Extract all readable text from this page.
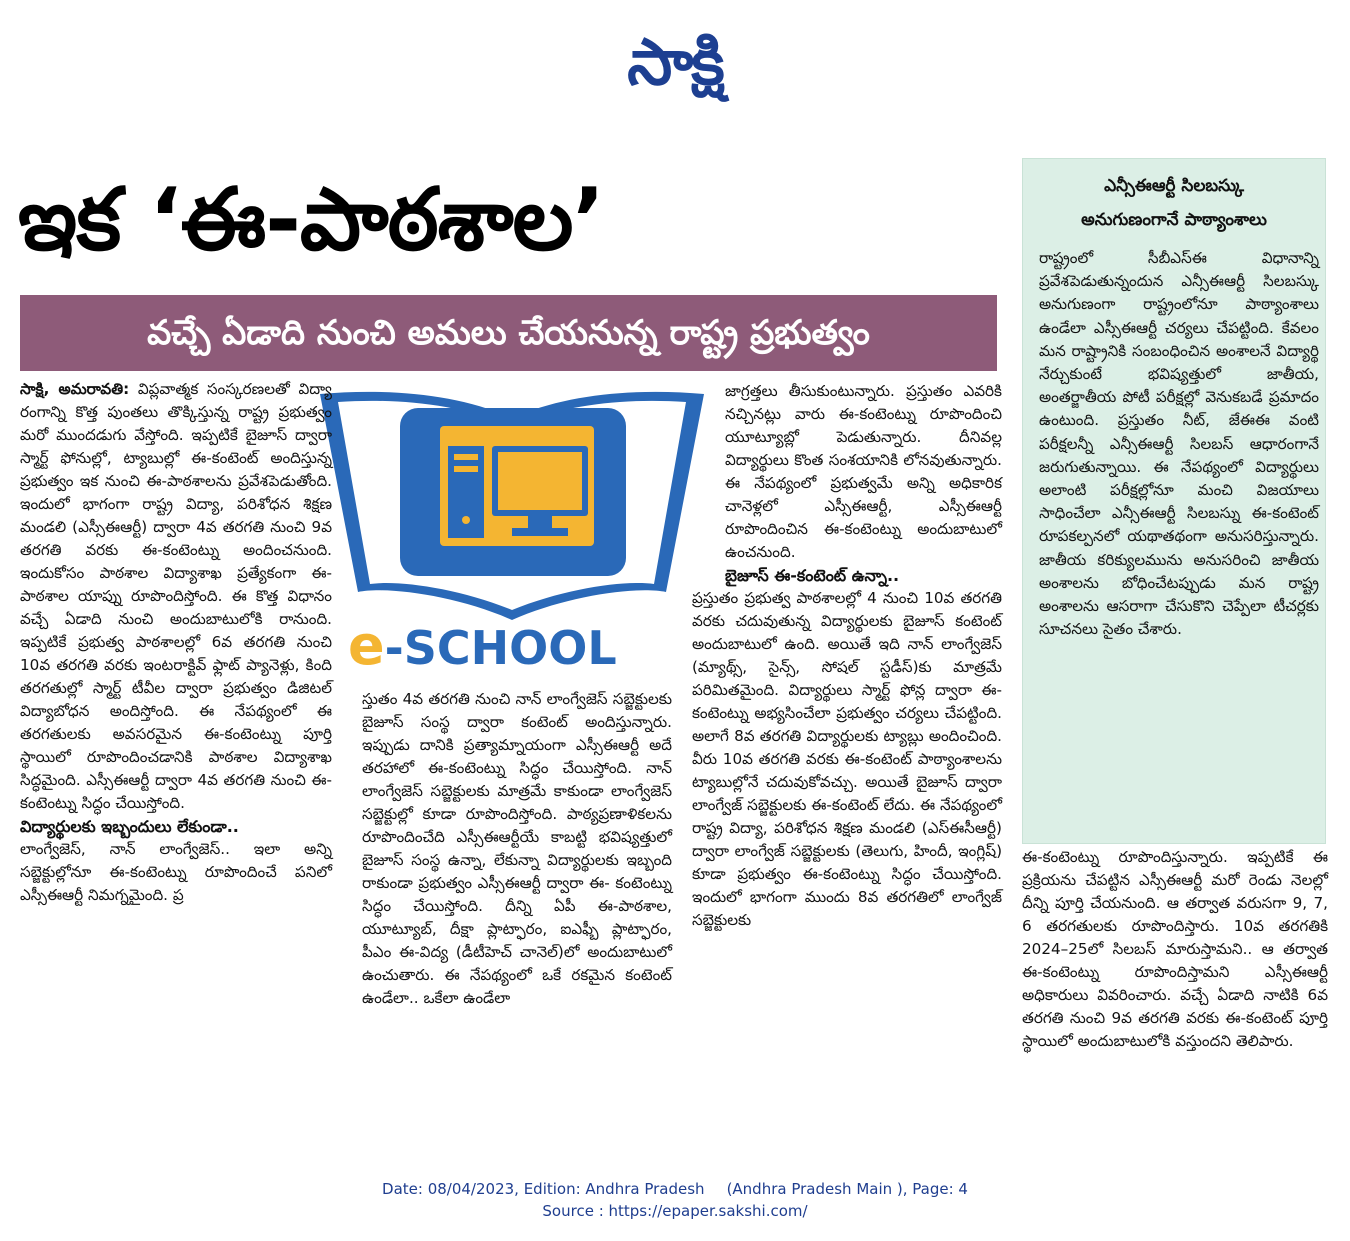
సాక్షి
ఇక ‘ఈ-పాఠశాల’
వచ్చే ఏడాది నుంచి అమలు చేయనున్న రాష్ట్ర ప్రభుత్వం
e-SCHOOL

సాక్షి, అమరావతి: విప్లవాత్మక సంస్కరణలతో విద్యా రంగాన్ని కొత్త పుంతలు తొక్కిస్తున్న రాష్ట్ర ప్రభుత్వం మరో ముందడుగు వేస్తోంది. ఇప్పటికే బైజూస్ ద్వారా స్మార్ట్ ఫోనుల్లో, ట్యాబుల్లో ఈ-కంటెంట్ అందిస్తున్న ప్రభుత్వం ఇక నుంచి ఈ-పాఠశాలను ప్రవేశపెడుతోంది. ఇందులో భాగంగా రాష్ట్ర విద్యా, పరిశోధన శిక్షణ మండలి (ఎస్సీఈఆర్టీ) ద్వారా 4వ తరగతి నుంచి 9వ తరగతి వరకు ఈ-కంటెంట్ను అందించనుంది. ఇందుకోసం పాఠశాల విద్యాశాఖ ప్రత్యేకంగా ఈ-పాఠశాల యాప్ను రూపొందిస్తోంది. ఈ కొత్త విధానం వచ్చే ఏడాది నుంచి అందుబాటులోకి రానుంది. ఇప్పటికే ప్రభుత్వ పాఠశాలల్లో 6వ తరగతి నుంచి 10వ తరగతి వరకు ఇంటరాక్టివ్ ఫ్లాట్ ప్యానెళ్లు, కింది తరగతుల్లో స్మార్ట్ టీవీల ద్వారా ప్రభుత్వం డిజిటల్ విద్యాబోధన అందిస్తోంది. ఈ నేపథ్యంలో ఈ తరగతులకు అవసరమైన ఈ-కంటెంట్ను పూర్తి స్థాయిలో రూపొందించడానికి పాఠశాల విద్యాశాఖ సిద్ధమైంది. ఎస్సీఈఆర్టీ ద్వారా 4వ తరగతి నుంచి ఈ-కంటెంట్ను సిద్ధం చేయిస్తోంది.

విద్యార్థులకు ఇబ్బందులు లేకుండా..

లాంగ్వేజెస్, నాన్ లాంగ్వేజెస్.. ఇలా అన్ని సబ్జెక్టుల్లోనూ ఈ-కంటెంట్ను రూపొందించే పనిలో ఎస్సీఈఆర్టీ నిమగ్నమైంది. ప్ర

స్తుతం 4వ తరగతి నుంచి నాన్ లాంగ్వేజెస్ సబ్జెక్టులకు బైజూస్ సంస్థ ద్వారా కంటెంట్ అందిస్తున్నారు. ఇప్పుడు దానికి ప్రత్యామ్నాయంగా ఎస్సీఈఆర్టీ అదే తరహాలో ఈ-కంటెంట్ను సిద్ధం చేయిస్తోంది. నాన్ లాంగ్వేజెస్ సబ్జెక్టులకు మాత్రమే కాకుండా లాంగ్వేజెస్ సబ్జెక్టుల్లో కూడా రూపొందిస్తోంది. పాఠ్యప్రణాళికలను రూపొందించేది ఎస్సీఈఆర్టీయే కాబట్టి భవిష్యత్తులో బైజూస్ సంస్థ ఉన్నా, లేకున్నా విద్యార్థులకు ఇబ్బంది రాకుండా ప్రభుత్వం ఎస్సీఈఆర్టీ ద్వారా ఈ- కంటెంట్ను సిద్ధం చేయిస్తోంది. దీన్ని ఏపీ ఈ-పాఠశాల, యూట్యూబ్, దీక్షా ప్లాట్ఫారం, ఐఎఫ్బీ ప్లాట్ఫారం, పీఎం ఈ-విద్య (డీటీహెచ్ చానెల్)లో అందుబాటులో ఉంచుతారు. ఈ నేపథ్యంలో ఒకే రకమైన కంటెంట్ ఉండేలా.. ఒకేలా ఉండేలా

జాగ్రత్తలు తీసుకుంటున్నారు. ప్రస్తుతం ఎవరికి నచ్చినట్లు వారు ఈ-కంటెంట్ను రూపొందించి యూట్యూబ్లో పెడుతున్నారు. దీనివల్ల విద్యార్థులు కొంత సంశయానికి లోనవుతున్నారు. ఈ నేపథ్యంలో ప్రభుత్వమే అన్ని అధికారిక చానెళ్లలో ఎస్సీఈఆర్టీ, ఎస్సీఈఆర్టీ రూపొందించిన ఈ-కంటెంట్ను అందుబాటులో ఉంచనుంది.

బైజూస్ ఈ-కంటెంట్ ఉన్నా..

ప్రస్తుతం ప్రభుత్వ పాఠశాలల్లో 4 నుంచి 10వ తరగతి వరకు చదువుతున్న విద్యార్థులకు బైజూస్ కంటెంట్ అందుబాటులో ఉంది. అయితే ఇది నాన్ లాంగ్వేజెస్ (మ్యాథ్స్, సైన్స్, సోషల్ స్టడీస్)కు మాత్రమే పరిమితమైంది. విద్యార్థులు స్మార్ట్ ఫోన్ల ద్వారా ఈ-కంటెంట్ను అభ్యసించేలా ప్రభుత్వం చర్యలు చేపట్టింది. అలాగే 8వ తరగతి విద్యార్థులకు ట్యాబ్లు అందించింది. వీరు 10వ తరగతి వరకు ఈ-కంటెంట్ పాఠ్యాంశాలను ట్యాబుల్లోనే చదువుకోవచ్చు. అయితే బైజూస్ ద్వారా లాంగ్వేజ్ సబ్జెక్టులకు ఈ-కంటెంట్ లేదు. ఈ నేపథ్యంలో రాష్ట్ర విద్యా, పరిశోధన శిక్షణ మండలి (ఎస్ఈసీఆర్టీ) ద్వారా లాంగ్వేజ్ సబ్జెక్టులకు (తెలుగు, హిందీ, ఇంగ్లిష్) కూడా ప్రభుత్వం ఈ-కంటెంట్ను సిద్ధం చేయిస్తోంది. ఇందులో భాగంగా ముందు 8వ తరగతిలో లాంగ్వేజ్ సబ్జెక్టులకు

ఎన్సీఈఆర్టీ సిలబస్కు
అనుగుణంగానే పాఠ్యాంశాలు
రాష్ట్రంలో సీబీఎస్ఈ విధానాన్ని ప్రవేశపెడుతున్నందున ఎన్సీఈఆర్టీ సిలబస్కు అనుగుణంగా రాష్ట్రంలోనూ పాఠ్యాంశాలు ఉండేలా ఎస్సీఈఆర్టీ చర్యలు చేపట్టింది. కేవలం మన రాష్ట్రానికి సంబంధించిన అంశాలనే విద్యార్థి నేర్చుకుంటే భవిష్యత్తులో జాతీయ, అంతర్జాతీయ పోటీ పరీక్షల్లో వెనుకబడే ప్రమాదం ఉంటుంది. ప్రస్తుతం నీట్, జేఈఈ వంటి పరీక్షలన్నీ ఎన్సీఈఆర్టీ సిలబస్ ఆధారంగానే జరుగుతున్నాయి. ఈ నేపథ్యంలో విద్యార్థులు అలాంటి పరీక్షల్లోనూ మంచి విజయాలు సాధించేలా ఎన్సీఈఆర్టీ సిలబస్ను ఈ-కంటెంట్ రూపకల్పనలో యథాతథంగా అనుసరిస్తున్నారు. జాతీయ కరిక్యులమును అనుసరించి జాతీయ అంశాలను బోధించేటప్పుడు మన రాష్ట్ర అంశాలను ఆసరాగా చేసుకొని చెప్పేలా టీచర్లకు సూచనలు సైతం చేశారు.

ఈ-కంటెంట్ను రూపొందిస్తున్నారు. ఇప్పటికే ఈ ప్రక్రియను చేపట్టిన ఎస్సీఈఆర్టీ మరో రెండు నెలల్లో దీన్ని పూర్తి చేయనుంది. ఆ తర్వాత వరుసగా 9, 7, 6 తరగతులకు రూపొందిస్తారు. 10వ తరగతికి 2024–25లో సిలబస్ మారుస్తామని.. ఆ తర్వాత ఈ-కంటెంట్ను రూపొందిస్తామని ఎస్సీఈఆర్టీ అధికారులు వివరించారు. వచ్చే ఏడాది నాటికి 6వ తరగతి నుంచి 9వ తరగతి వరకు ఈ-కంటెంట్ పూర్తి స్థాయిలో అందుబాటులోకి వస్తుందని తెలిపారు.

Date: 08/04/2023, Edition: Andhra Pradesh (Andhra Pradesh Main ), Page: 4
Source : https://epaper.sakshi.com/
